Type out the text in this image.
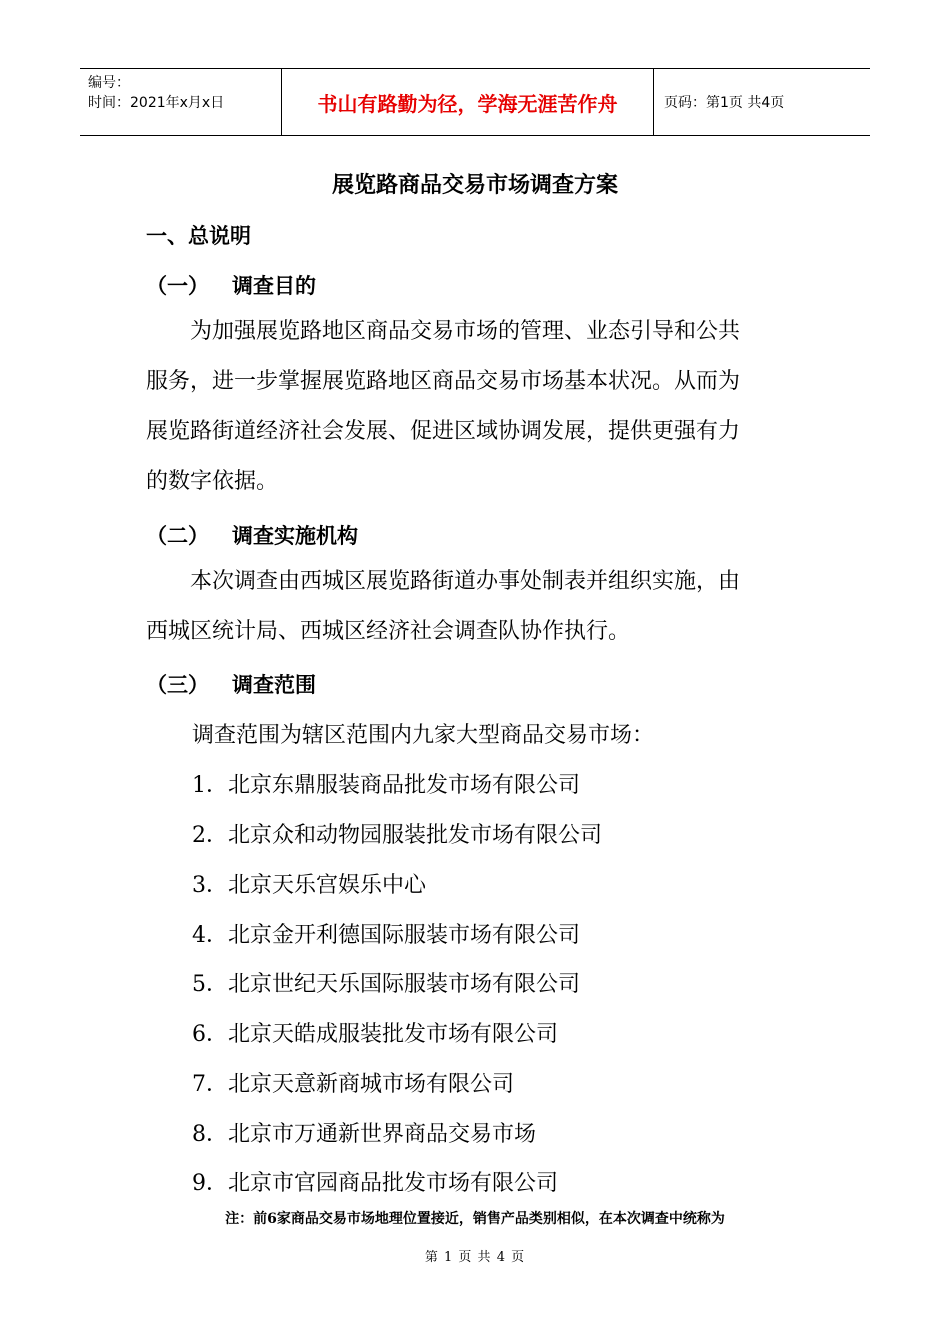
编号：
时间：2021年x月x日	书山有路勤为径，学海无涯苦作舟	页码：第1页 共4页
展览路商品交易市场调查方案
一、总说明
（一） 调查目的
为加强展览路地区商品交易市场的管理、业态引导和公共
服务，进一步掌握展览路地区商品交易市场基本状况。从而为
展览路街道经济社会发展、促进区域协调发展，提供更强有力
的数字依据。
（二） 调查实施机构
本次调查由西城区展览路街道办事处制表并组织实施，由
西城区统计局、西城区经济社会调查队协作执行。
（三） 调查范围
调查范围为辖区范围内九家大型商品交易市场：
1．北京东鼎服装商品批发市场有限公司
2．北京众和动物园服装批发市场有限公司
3．北京天乐宫娱乐中心
4．北京金开利德国际服装市场有限公司
5．北京世纪天乐国际服装市场有限公司
6．北京天皓成服装批发市场有限公司
7．北京天意新商城市场有限公司
8．北京市万通新世界商品交易市场
9．北京市官园商品批发市场有限公司
注：前6家商品交易市场地理位置接近，销售产品类别相似，在本次调查中统称为
第 1 页 共 4 页
